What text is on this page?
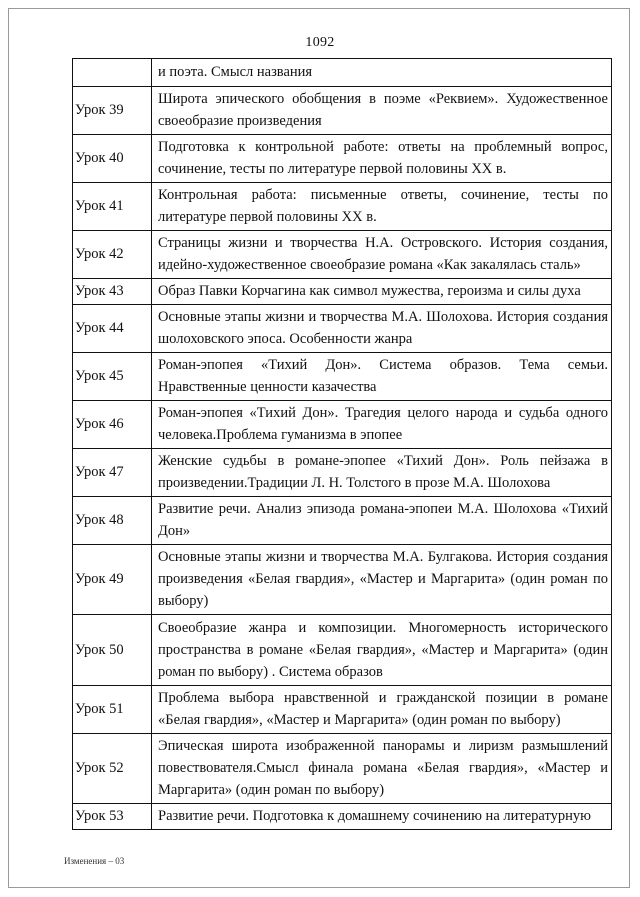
1092

	и поэта. Смысл названия

Урок 39	Широта эпического обобщения в поэме «Реквием». Художественное своеобразие произведения

Урок 40	Подготовка к контрольной работе: ответы на проблемный вопрос, сочинение, тесты по литературе первой половины XX в.

Урок 41	Контрольная работа: письменные ответы, сочинение, тесты по литературе первой половины XX в.

Урок 42	Страницы жизни и творчества Н.А. Островского. История создания, идейно-художественное своеобразие романа «Как закалялась сталь»

Урок 43	Образ Павки Корчагина как символ мужества, героизма и силы духа

Урок 44	Основные этапы жизни и творчества М.А. Шолохова. История создания шолоховского эпоса. Особенности жанра

Урок 45	Роман-эпопея «Тихий Дон». Система образов. Тема семьи. Нравственные ценности казачества

Урок 46	Роман-эпопея «Тихий Дон». Трагедия целого народа и судьба одного человека.Проблема гуманизма в эпопее

Урок 47	Женские судьбы в романе-эпопее «Тихий Дон». Роль пейзажа в произведении.Традиции Л. Н. Толстого в прозе М.А. Шолохова

Урок 48	Развитие речи. Анализ эпизода романа-эпопеи М.А. Шолохова «Тихий Дон»

Урок 49	Основные этапы жизни и творчества М.А. Булгакова. История создания произведения «Белая гвардия», «Мастер и Маргарита» (один роман по выбору)

Урок 50	Своеобразие жанра и композиции. Многомерность исторического пространства в романе «Белая гвардия», «Мастер и Маргарита» (один роман по выбору) . Система образов

Урок 51	Проблема выбора нравственной и гражданской позиции в романе «Белая гвардия», «Мастер и Маргарита» (один роман по выбору)

Урок 52	Эпическая широта изображенной панорамы и лиризм размышлений повествователя.Смысл финала романа «Белая гвардия», «Мастер и Маргарита» (один роман по выбору)

Урок 53	Развитие речи. Подготовка к домашнему сочинению на литературную
Изменения – 03
